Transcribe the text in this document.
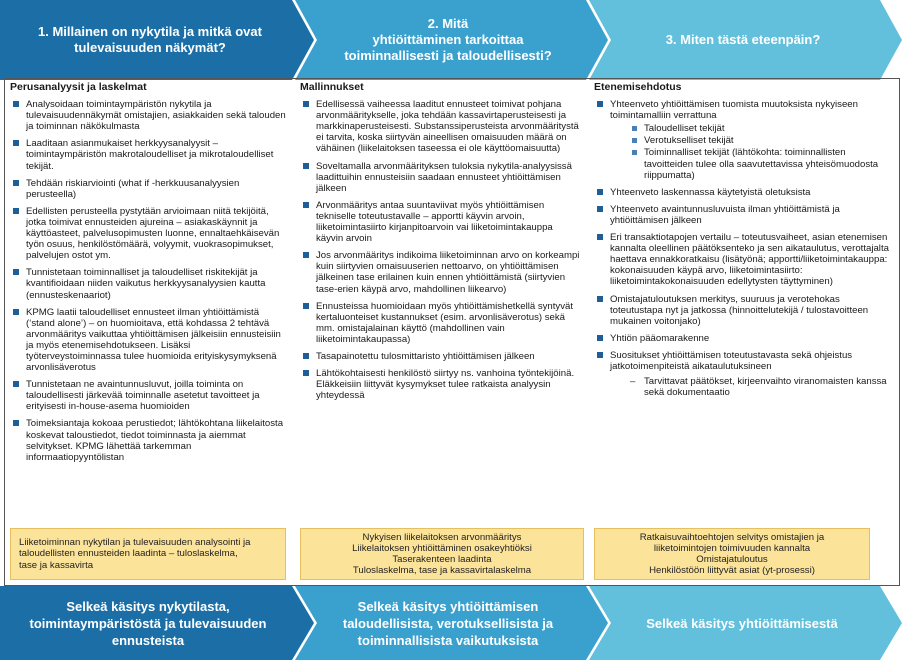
1. Millainen on nykytila ja mitkä ovat
tulevaisuuden näkymät?
2. Mitä
yhtiöittäminen tarkoittaa
toiminnallisesti ja taloudellisesti?
3. Miten tästä eteenpäin?
Perusanalyysit ja laskelmat
Analysoidaan toimintaympäristön nykytila ja tulevaisuudennäkymät omistajien, asiakkaiden sekä talouden ja toiminnan näkökulmasta
Laaditaan asianmukaiset herkkyysanalyysit – toimintaympäristön makrotaloudelliset ja mikrotaloudelliset tekijät.
Tehdään riskiarviointi (what if -herkkuusanalyysien perusteella)
Edellisten perusteella pystytään arvioimaan niitä tekijöitä, jotka toimivat ennusteiden ajureina – asiakaskäynnit ja käyttöasteet, palvelusopimusten luonne, ennaltaehkäisevän työn osuus, henkilöstömäärä, volyymit, vuokrasopimukset, palvelujen ostot ym.
Tunnistetaan toiminnalliset ja taloudelliset riskitekijät ja kvantifioidaan niiden vaikutus herkkyysanalyysien kautta (ennusteskenaariot)
KPMG laatii taloudelliset ennusteet ilman yhtiöittämistä (‘stand alone’) – on huomioitava, että kohdassa 2 tehtävä arvonmääritys vaikuttaa yhtiöittämisen jälkeisiin ennusteisiin ja myös etenemisehdotukseen. Lisäksi työterveystoiminnassa tulee huomioida erityiskysymyksenä arvonlisäverotus
Tunnistetaan ne avaintunnusluvut, joilla toiminta on taloudellisesti järkevää toiminnalle asetetut tavoitteet ja erityisesti in-house-asema huomioiden
Toimeksiantaja kokoaa perustiedot; lähtökohtana liikelaitosta koskevat taloustiedot, tiedot toiminnasta ja aiemmat selvitykset. KPMG lähettää tarkemman informaatiopyyntölistan
Mallinnukset
Edellisessä vaiheessa laaditut ennusteet toimivat pohjana arvonmääritykselle, joka tehdään kassavirtaperusteisesti ja markkinaperusteisesti. Substanssiperusteista arvonmääritystä ei tarvita, koska siirtyvän aineellisen omaisuuden määrä on vähäinen (liikelaitoksen taseessa ei ole käyttöomaisuutta)
Soveltamalla arvonmäärityksen tuloksia nykytila-analyysissä laadittuihin ennusteisiin saadaan ennusteet yhtiöittämisen jälkeen
Arvonmääritys antaa suuntaviivat myös yhtiöittämisen tekniselle toteutustavalle – apportti käyvin arvoin, liiketoimintasiirto kirjanpitoarvoin vai liiketoimintakauppa käyvin arvoin
Jos arvonmääritys indikoima liiketoiminnan arvo on korkeampi kuin siirtyvien omaisuuserien nettoarvo, on yhtiöittämisen jälkeinen tase erilainen kuin ennen yhtiöittämistä (siirtyvien tase-erien käypä arvo, mahdollinen liikearvo)
Ennusteissa huomioidaan myös yhtiöittämishetkellä syntyvät kertaluonteiset kustannukset (esim. arvonlisäverotus) sekä mm. omistajalainan käyttö (mahdollinen vain liiketoimintakaupassa)
Tasapainotettu tulosmittaristo yhtiöittämisen jälkeen
Lähtökohtaisesti henkilöstö siirtyy ns. vanhoina työntekijöinä. Eläkkeisiin liittyvät kysymykset tulee ratkaista analyysin yhteydessä
Etenemisehdotus
Yhteenveto yhtiöittämisen tuomista muutoksista nykyiseen toimintamalliin verrattuna
Taloudelliset tekijät
Verotukselliset tekijät
Toiminnalliset tekijät (lähtökohta: toiminnallisten tavoitteiden tulee olla saavutettavissa yhteisömuodosta riippumatta)
Yhteenveto laskennassa käytetyistä oletuksista
Yhteenveto avaintunnusluvuista ilman yhtiöittämistä ja yhtiöittämisen jälkeen
Eri transaktiotapojen vertailu – toteutusvaiheet, asian etenemisen kannalta oleellinen päätöksenteko ja sen aikataulutus, verottajalta haettava ennakkoratkaisu (lisätyönä; apportti/liiketoimintakauppa: kokonaisuuden käypä arvo, liiketoimintasiirto: liiketoimintakokonaisuuden edellytysten täyttyminen)
Omistajatuloutuksen merkitys, suuruus ja verotehokas toteutustapa nyt ja jatkossa (hinnoittelutekijä / tulostavoitteen mukainen voitonjako)
Yhtiön pääomarakenne
Suositukset yhtiöittämisen toteutustavasta sekä ohjeistus jatkotoimenpiteistä aikataulutuksineen
– Tarvittavat päätökset, kirjeenvaihto viranomaisten kanssa sekä dokumentaatio
Liiketoiminnan nykytilan ja tulevaisuuden analysointi ja
taloudellisten ennusteiden laadinta – tuloslaskelma,
tase ja kassavirta
Nykyisen liikelaitoksen arvonmääritys
Liikelaitoksen yhtiöittäminen osakeyhtiöksi
Taserakenteen laadinta
Tuloslaskelma, tase ja kassavirtalaskelma
Ratkaisuvaihtoehtojen selvitys omistajien ja
liiketoimintojen toimivuuden kannalta
Omistajatuloutus
Henkilöstöön liittyvät asiat (yt-prosessi)
Selkeä käsitys nykytilasta,
toimintaympäristöstä ja tulevaisuuden
ennusteista
Selkeä käsitys yhtiöittämisen
taloudellisista, verotuksellisista ja
toiminnallisista vaikutuksista
Selkeä käsitys yhtiöittämisestä
